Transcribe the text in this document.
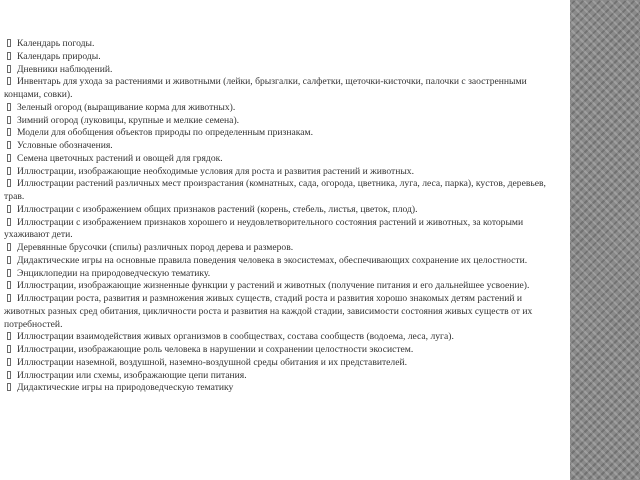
Календарь погоды.

Календарь природы.

Дневники наблюдений.

Инвентарь для ухода за растениями и животными (лейки, брызгалки, салфетки, щеточки-кисточки, палочки с заостренными концами, совки).

Зеленый огород (выращивание корма для животных).

Зимний огород (луковицы, крупные и мелкие семена).

Модели для обобщения объектов природы по определенным признакам.

Условные обозначения.

Семена цветочных растений и овощей для грядок.

Иллюстрации, изображающие необходимые условия для роста и развития растений и животных.

Иллюстрации растений различных мест произрастания (комнатных, сада, огорода, цветника, луга, леса, парка), кустов, деревьев, трав.

Иллюстрации с изображением общих признаков растений (корень, стебель, листья, цветок, плод).

Иллюстрации с изображением признаков хорошего и неудовлетворительного состояния растений и животных, за которыми ухаживают дети.

Деревянные брусочки (спилы) различных пород дерева и размеров.

Дидактические игры на основные правила поведения человека в экосистемах, обеспечивающих сохранение их целостности.

Энциклопедии на природоведческую тематику.

Иллюстрации, изображающие жизненные функции у растений и животных (получение питания и его дальнейшее усвоение).

Иллюстрации роста, развития и размножения живых существ, стадий роста и развития хорошо знакомых детям растений и животных разных сред обитания, цикличности роста и развития на каждой стадии, зависимости состояния живых существ от их потребностей.

Иллюстрации взаимодействия живых организмов в сообществах, состава сообществ (водоема, леса, луга).

Иллюстрации, изображающие роль человека в нарушении и сохранении целостности экосистем.

Иллюстрации наземной, воздушной, наземно-воздушной среды обитания и их представителей.

Иллюстрации или схемы, изображающие цепи питания.

Дидактические игры на природоведческую тематику
